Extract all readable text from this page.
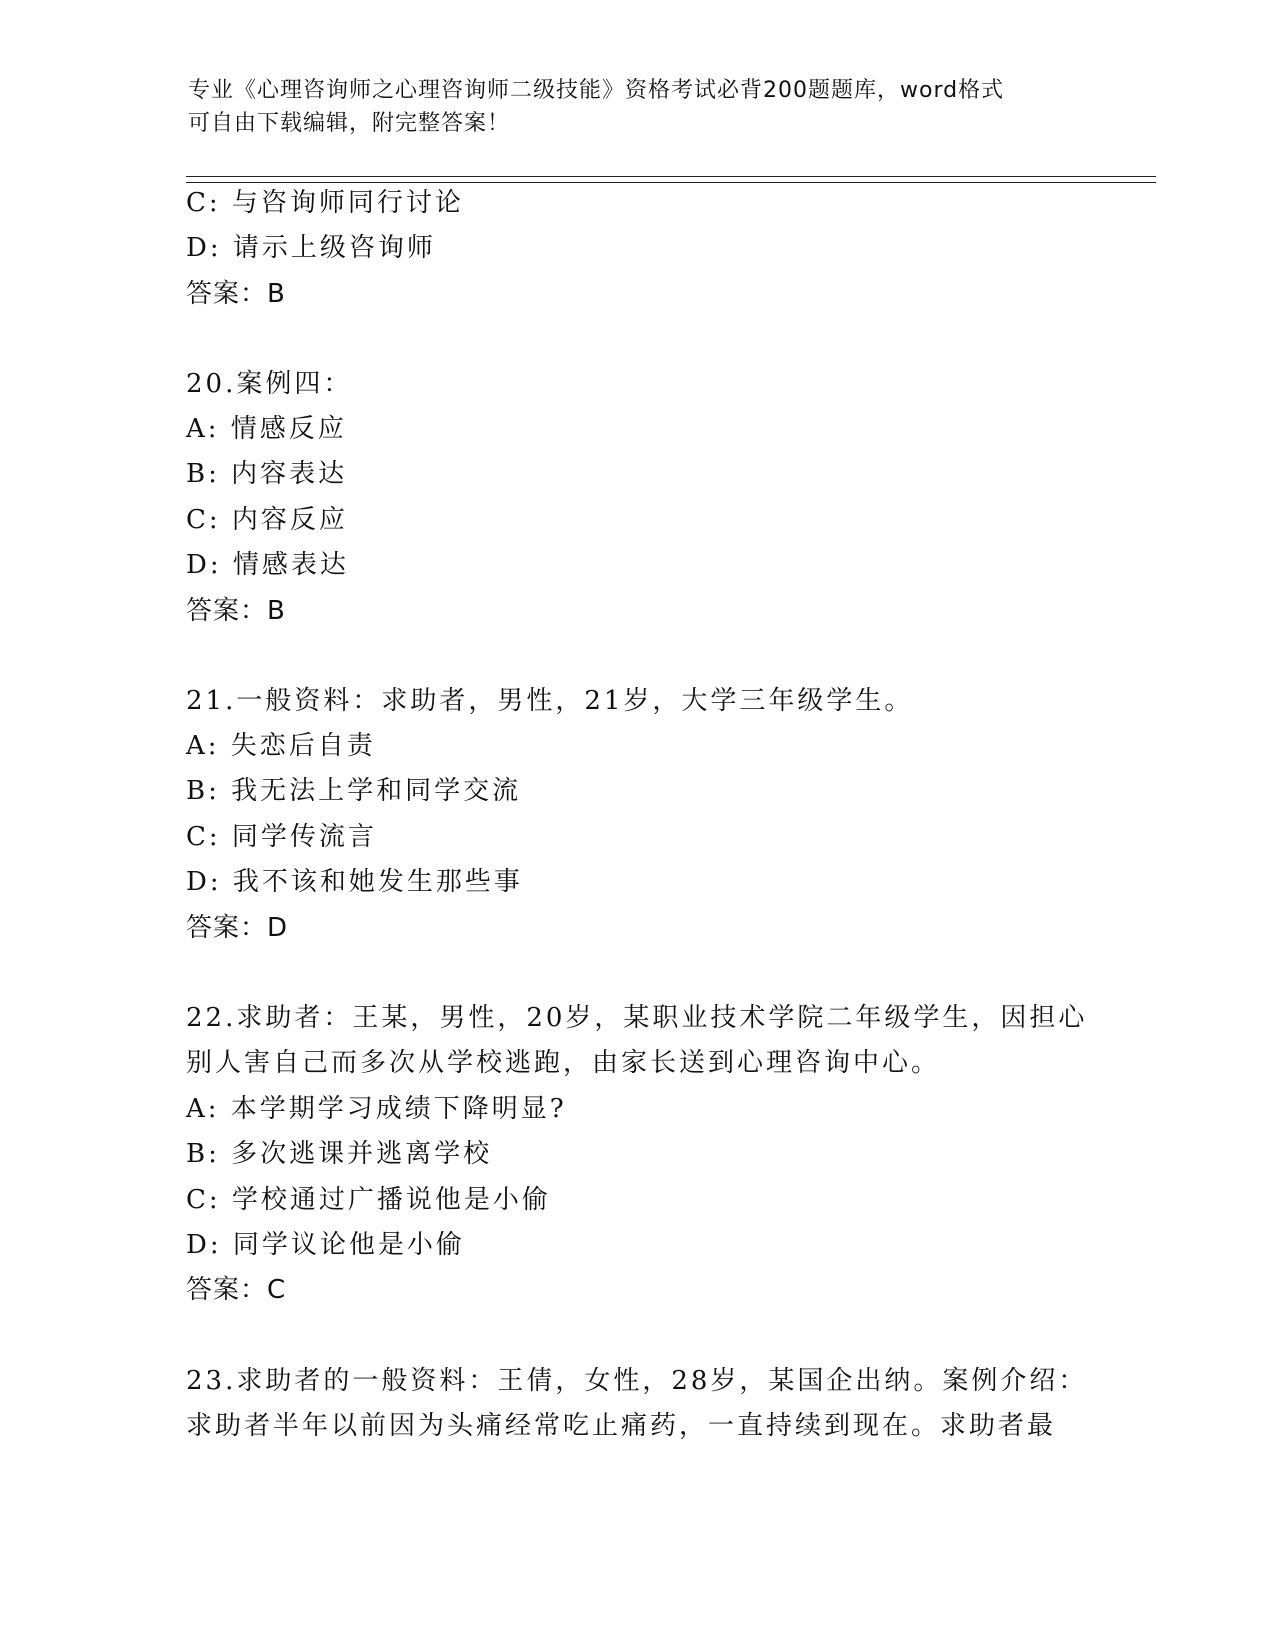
专业《心理咨询师之心理咨询师二级技能》资格考试必背200题题库，word格式
可自由下载编辑，附完整答案！
C: 与咨询师同行讨论
D: 请示上级咨询师
答案：B
20.案例四：
A: 情感反应
B: 内容表达
C: 内容反应
D: 情感表达
答案：B
21.一般资料：求助者，男性，21岁，大学三年级学生。
A: 失恋后自责
B: 我无法上学和同学交流
C: 同学传流言
D: 我不该和她发生那些事
答案：D
22.求助者：王某，男性，20岁，某职业技术学院二年级学生，因担心
别人害自己而多次从学校逃跑，由家长送到心理咨询中心。
A: 本学期学习成绩下降明显?
B: 多次逃课并逃离学校
C: 学校通过广播说他是小偷
D: 同学议论他是小偷
答案：C
23.求助者的一般资料：王倩，女性，28岁，某国企出纳。案例介绍：
求助者半年以前因为头痛经常吃止痛药，一直持续到现在。求助者最
